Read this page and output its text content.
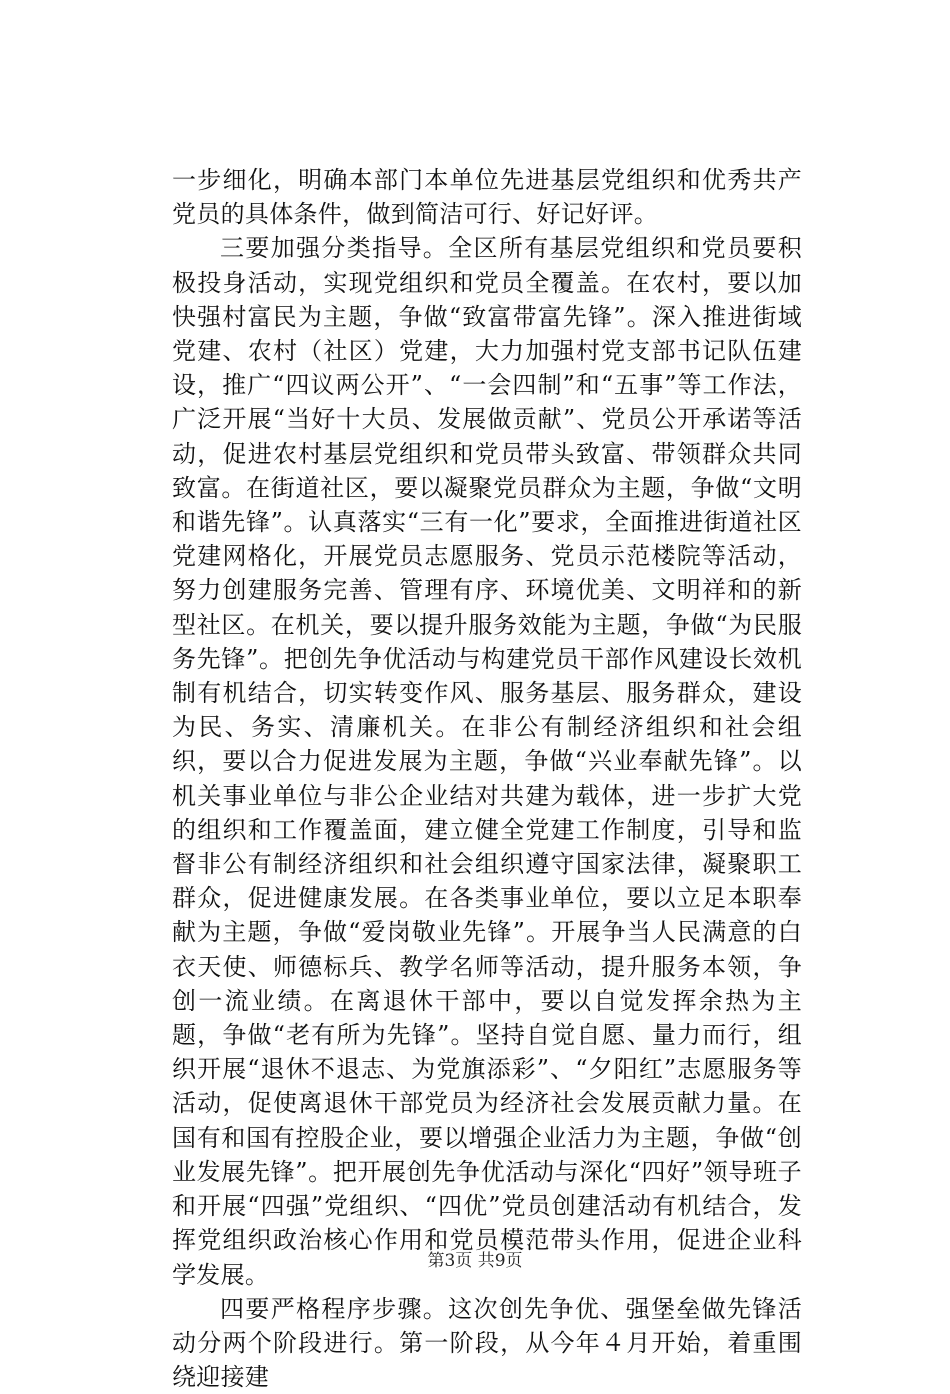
一步细化，明确本部门本单位先进基层党组织和优秀共产党员的具体条件，做到简洁可行、好记好评。

三要加强分类指导。全区所有基层党组织和党员要积极投身活动，实现党组织和党员全覆盖。在农村，要以加快强村富民为主题，争做“致富带富先锋”。深入推进街域党建、农村（社区）党建，大力加强村党支部书记队伍建设，推广“四议两公开”、“一会四制”和“五事”等工作法，广泛开展“当好十大员、发展做贡献”、党员公开承诺等活动，促进农村基层党组织和党员带头致富、带领群众共同致富。在街道社区，要以凝聚党员群众为主题，争做“文明和谐先锋”。认真落实“三有一化”要求，全面推进街道社区党建网格化，开展党员志愿服务、党员示范楼院等活动，努力创建服务完善、管理有序、环境优美、文明祥和的新型社区。在机关，要以提升服务效能为主题，争做“为民服务先锋”。把创先争优活动与构建党员干部作风建设长效机制有机结合，切实转变作风、服务基层、服务群众，建设为民、务实、清廉机关。在非公有制经济组织和社会组织，要以合力促进发展为主题，争做“兴业奉献先锋”。以机关事业单位与非公企业结对共建为载体，进一步扩大党的组织和工作覆盖面，建立健全党建工作制度，引导和监督非公有制经济组织和社会组织遵守国家法律，凝聚职工群众，促进健康发展。在各类事业单位，要以立足本职奉献为主题，争做“爱岗敬业先锋”。开展争当人民满意的白衣天使、师德标兵、教学名师等活动，提升服务本领，争创一流业绩。在离退休干部中，要以自觉发挥余热为主题，争做“老有所为先锋”。坚持自觉自愿、量力而行，组织开展“退休不退志、为党旗添彩”、“夕阳红”志愿服务等活动，促使离退休干部党员为经济社会发展贡献力量。在国有和国有控股企业，要以增强企业活力为主题，争做“创业发展先锋”。把开展创先争优活动与深化“四好”领导班子和开展“四强”党组织、“四优”党员创建活动有机结合，发挥党组织政治核心作用和党员模范带头作用，促进企业科学发展。

四要严格程序步骤。这次创先争优、强堡垒做先锋活动分两个阶段进行。第一阶段，从今年４月开始，着重围绕迎接建

第3页 共9页
